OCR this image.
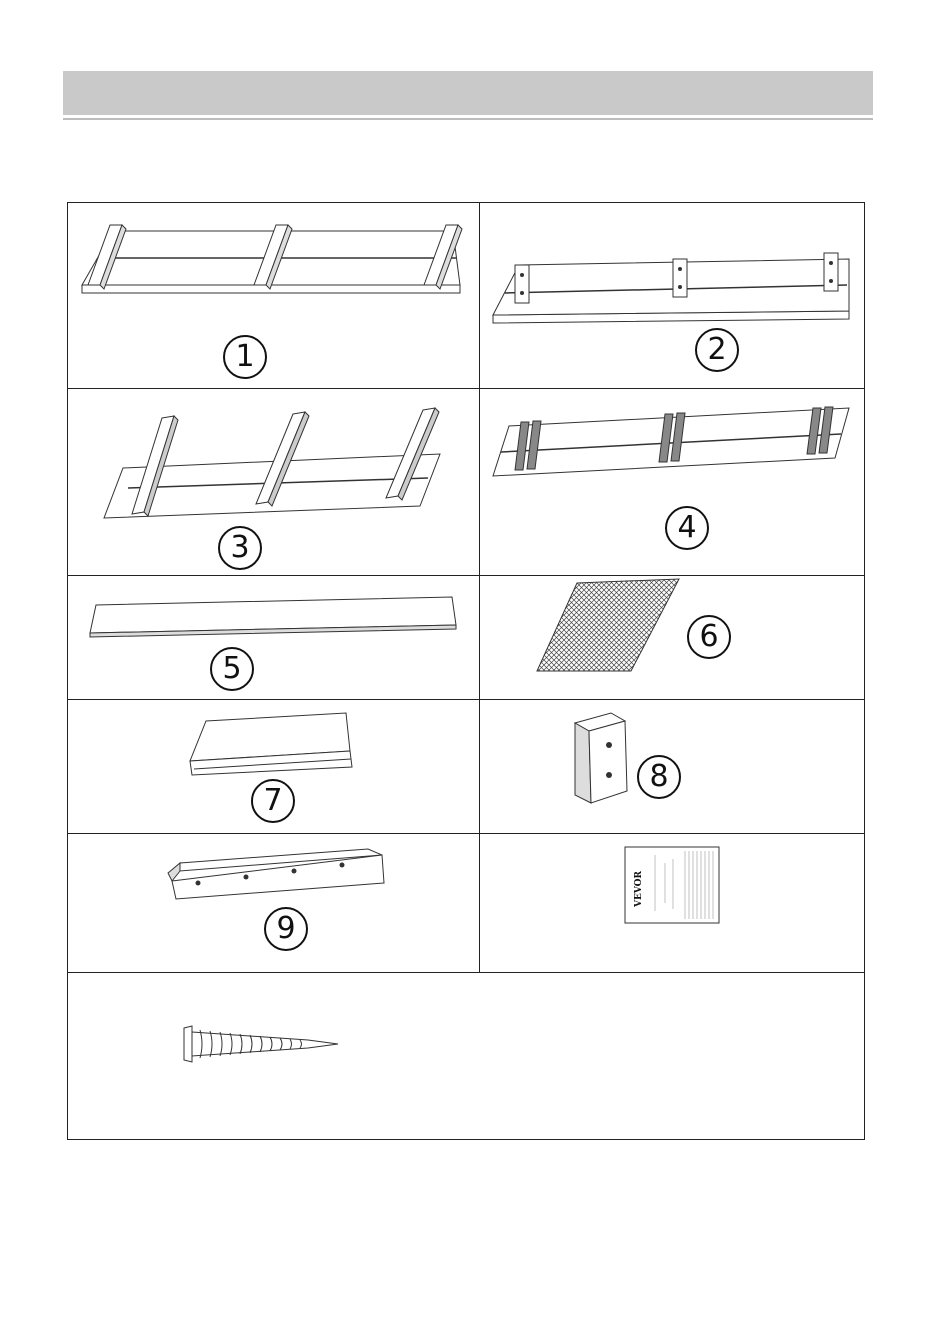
1	2
3
4
5
6
7
8
9
VEVOR
